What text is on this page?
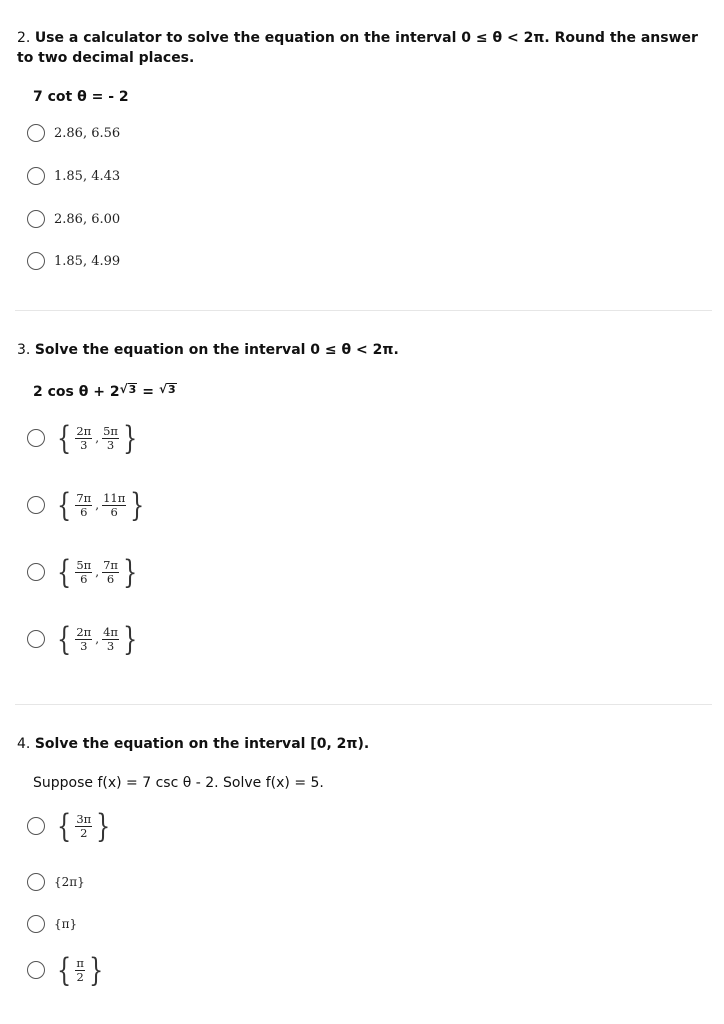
2. Use a calculator to solve the equation on the interval 0 ≤ θ < 2π. Round the answer to two decimal places.
7 cot θ = - 2
2.86, 6.56
1.85, 4.43
2.86, 6.00
1.85, 4.99
3. Solve the equation on the interval 0 ≤ θ < 2π.
2 cos θ + 2 √ 3 = √ 3
{ $\frac{2\pi}{3}$ , $\frac{5\pi}{3}$ }
{ $\frac{7\pi}{6}$ , $\frac{11\pi}{6}$ }
{ $\frac{5\pi}{6}$ , $\frac{7\pi}{6}$ }
{ $\frac{2\pi}{3}$ , $\frac{4\pi}{3}$ }
4. Solve the equation on the interval [0, 2π).
Suppose f(x) = 7 csc θ - 2. Solve f(x) = 5.
{ $\frac{3\pi}{2}$ }
{2π}
{π}
{ $\frac{\pi}{2}$ }
